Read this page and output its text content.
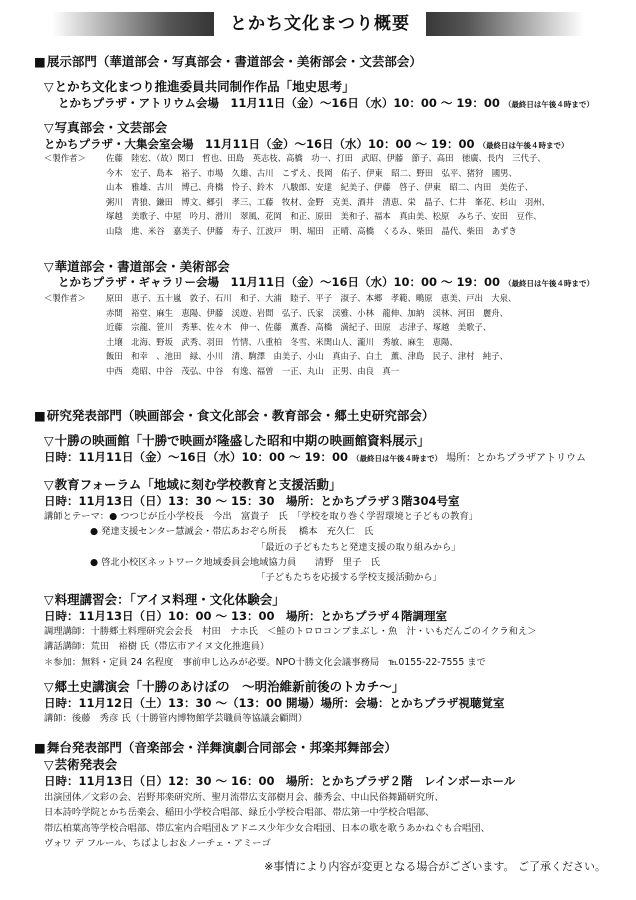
とかち文化まつり概要
■ 展示部門（華道部会・写真部会・書道部会・美術部会・文芸部会）
▽ とかち文化まつり推進委員共同制作作品「地史思考」
とかちプラザ・アトリウム会場　11月11日（金）～16日（水）10：00 ～ 19：00 （最終日は午後４時まで）
▽ 写真部会・文芸部会
とかちプラザ・大集会室会場　11月11日（金）～16日（水）10：00 ～ 19：00 （最終日は午後４時まで）
＜製作者＞ 佐藤　陸宏、（故）関口　哲也、田島　英志枝、高橋　功一、打田　武昭、伊藤　節子、高田　徳廣、長内　三代子、
今木　宏子、島本　裕子、市場　久雄、古川　こずえ、長岡　佑子、伊東　昭二、野田　弘平、猪狩　國男、
山本　雅雄、古川　博己、舟橋　怜子、鈴木　八駿郎、安達　紀美子、伊藤　啓子、伊東　昭二、内田　美佐子、
粥川　青狼、鎌田　博文、郷引　孝三、工藤　牧材、金野　克美、酒井　清恵、栄　晶子、仁井　峯花、杉山　羽州、
塚越　美歌子、中屋　吟月、滑川　翠風、花岡　和正、原田　美和子、福本　真由美、松原　みち子、安田　豆作、
山陰　進、米谷　嘉美子、伊藤　寿子、江波戸　明、堀田　正晴、高橋　くるみ、柴田　晶代、柴田　あずき
▽ 華道部会・書道部会・美術部会
とかちプラザ・ギャラリー会場　11月11日（金）～16日（水）10：00 ～ 19：00 （最終日は午後４時まで）
＜製作者＞ 原田　恵子、五十嵐　敦子、石川　和子、大浦　睦子、平子　淑子、本郷　孝範、鴫原　恵美、戸出　大泉、
赤間　裕堂、麻生　恵陽、伊藤　渓遊、岩間　弘子、氏家　渓雅、小林　龍伸、加納　渓林、河田　麗舟、
近藤　宗龍、笹川　秀華、佐々木　伸一、佐藤　薫香、高橋　満紀子、田原　志津子、塚越　美歌子、
土壌　北海、野坂　武秀、羽田　竹情、八重柏　冬雪、米関山人、瀧川　秀敏、麻生　恵陽、
飯田　和幸　、池田　緑、小川　清、駒澤　由美子、小山　真由子、白土　薫、津島　民子、津村　純子、
中西　堯昭、中谷　茂弘、中谷　有逸、福曽　一正、丸山　正男、由良　真一
■ 研究発表部門（映画部会・食文化部会・教育部会・郷土史研究部会）
▽ 十勝の映画館「十勝で映画が隆盛した昭和中期の映画館資料展示」
日時：11月11日（金）～16日（水）10：00 ～ 19：00 （最終日は午後４時まで） 場所：とかちプラザアトリウム
▽ 教育フォーラム「地域に刻む学校教育と支援活動」
日時：11月13日（日）13：30 ～ 15：30　場所：とかちプラザ３階304号室
講師とテーマ：● つつじが丘小学校長　今出　富貴子　氏　「学校を取り巻く学習環境と子どもの教育」
● 発達支援センター慧誠会・帯広あおぞら所長　 橋本　充久仁　氏
「最近の子どもたちと発達支援の取り組みから」
● 啓北小校区ネットワーク地域委員会地域協力員　　清野　里子　氏
「子どもたちを応援する学校支援活動から」
▽ 料理講習会：「アイヌ料理・文化体験会」
日時：11月13日（日）10：00 ～ 13：00　場所：とかちプラザ４階調理室
調理講師：十勝郷土料理研究会会長　村田　ナホ氏　＜鮭のトロロコンブまぶし・魚　汁・いもだんごのイクラ和え＞
講話講師：荒田　裕樹 氏（帯広市アイヌ文化推進員）
＊参加：無料・定員 24 名程度　事前申し込みが必要。NPO十勝文化会議事務局　℡0155-22-7555 まで
▽ 郷土史講演会「十勝のあけぼの　～明治維新前後のトカチ～」
日時：11月12日（土）13：30 ～（13：00 開場）場所：会場：とかちプラザ視聴覚室
講師：後藤　秀彦 氏（十勝管内博物館学芸職員等協議会顧問）
■ 舞台発表部門（音楽部会・洋舞演劇合同部会・邦楽邦舞部会）
▽ 芸術発表会
日時：11月13日（日）12：30 ～ 16：00　場所：とかちプラザ２階　レインボーホール
出演団体／文彩の会、岩野邦楽研究所、聖月流帯広支部樹月会、藤秀会、中山民俗舞踊研究所、
日本詩吟学院とかち岳楽会、稲田小学校合唱部、緑丘小学校合唱部、帯広第一中学校合唱部、
帯広柏葉高等学校合唱部、帯広室内合唱団＆アドニス少年少女合唱団、日本の歌を歌うあかねぐも合唱団、
ヴォワ デ フルール、ちばよしお＆ノーチェ・アミーゴ
※事情により内容が変更となる場合がございます。 ご了承ください。
